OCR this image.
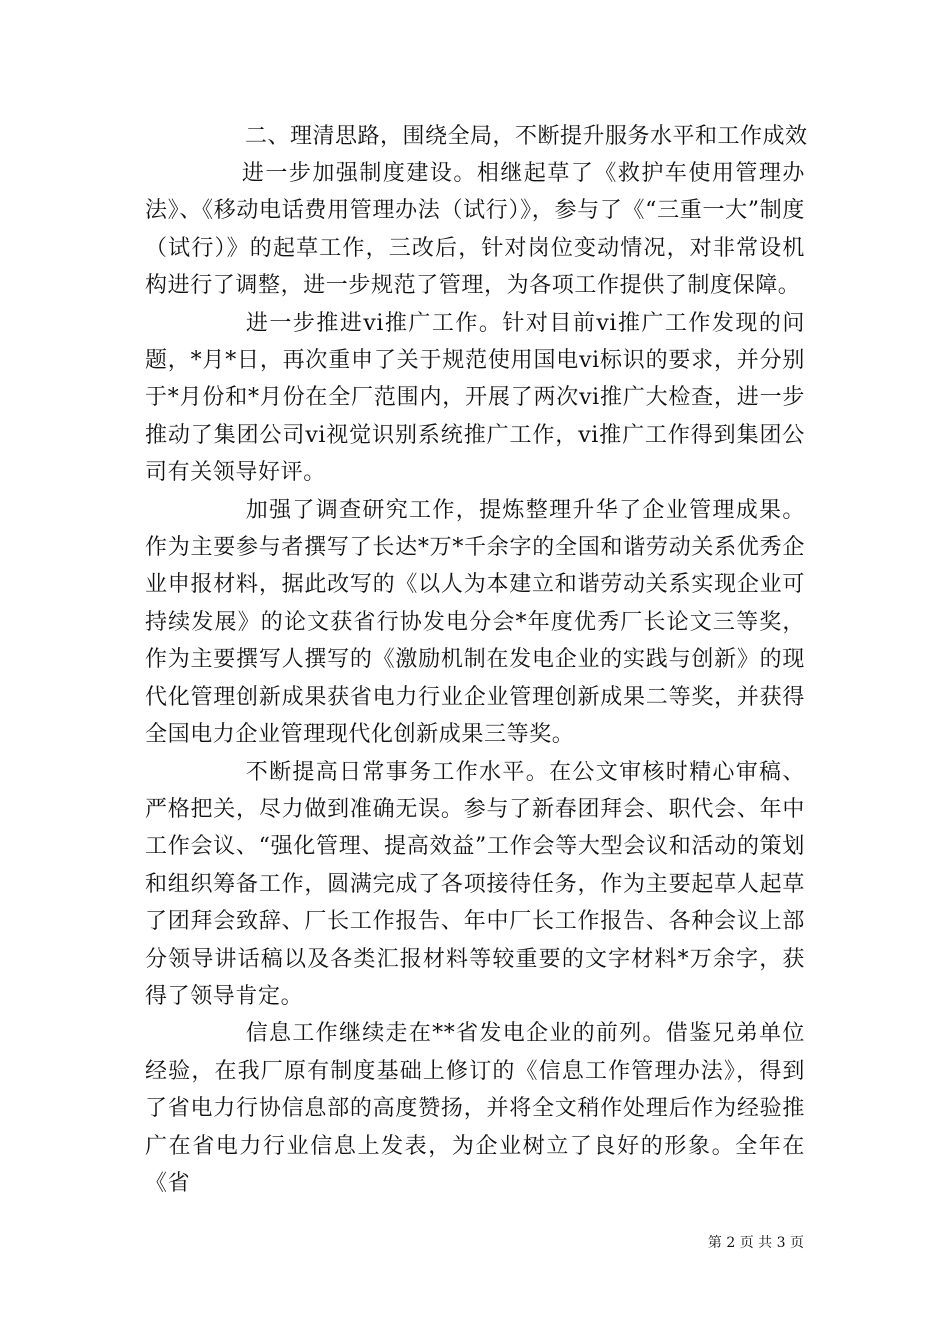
二、理清思路，围绕全局，不断提升服务水平和工作成效

进一步加强制度建设。相继起草了《救护车使用管理办法》、《移动电话费用管理办法（试行）》，参与了《“三重一大”制度（试行）》的起草工作，三改后，针对岗位变动情况，对非常设机构进行了调整，进一步规范了管理，为各项工作提供了制度保障。

进一步推进vi推广工作。针对目前vi推广工作发现的问题，*月*日，再次重申了关于规范使用国电vi标识的要求，并分别于*月份和*月份在全厂范围内，开展了两次vi推广大检查，进一步推动了集团公司vi视觉识别系统推广工作，vi推广工作得到集团公司有关领导好评。

加强了调查研究工作，提炼整理升华了企业管理成果。作为主要参与者撰写了长达*万*千余字的全国和谐劳动关系优秀企业申报材料，据此改写的《以人为本建立和谐劳动关系实现企业可持续发展》的论文获省行协发电分会*年度优秀厂长论文三等奖，作为主要撰写人撰写的《激励机制在发电企业的实践与创新》的现代化管理创新成果获省电力行业企业管理创新成果二等奖，并获得全国电力企业管理现代化创新成果三等奖。

不断提高日常事务工作水平。在公文审核时精心审稿、严格把关，尽力做到准确无误。参与了新春团拜会、职代会、年中工作会议、“强化管理、提高效益”工作会等大型会议和活动的策划和组织筹备工作，圆满完成了各项接待任务，作为主要起草人起草了团拜会致辞、厂长工作报告、年中厂长工作报告、各种会议上部分领导讲话稿以及各类汇报材料等较重要的文字材料*万余字，获得了领导肯定。

信息工作继续走在**省发电企业的前列。借鉴兄弟单位经验，在我厂原有制度基础上修订的《信息工作管理办法》，得到了省电力行协信息部的高度赞扬，并将全文稍作处理后作为经验推广在省电力行业信息上发表，为企业树立了良好的形象。全年在《省

第 2 页 共 3 页
